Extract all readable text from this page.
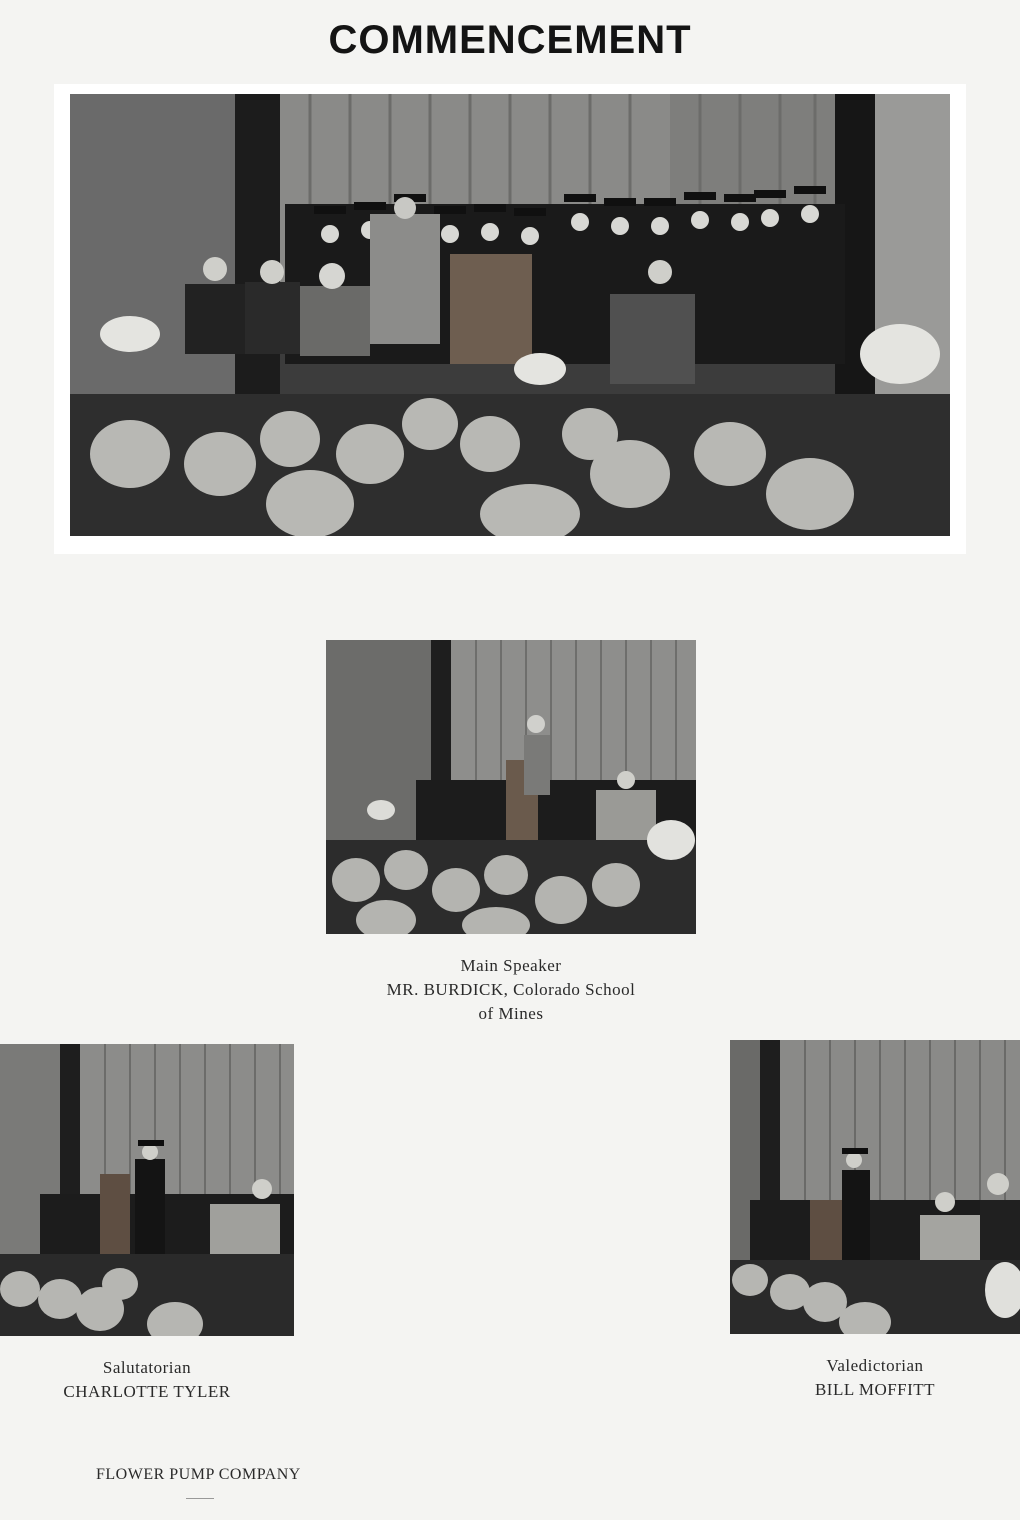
COMMENCEMENT
Main Speaker
MR. BURDICK, Colorado School
of Mines
Salutatorian
CHARLOTTE TYLER
Valedictorian
BILL MOFFITT
FLOWER PUMP COMPANY
